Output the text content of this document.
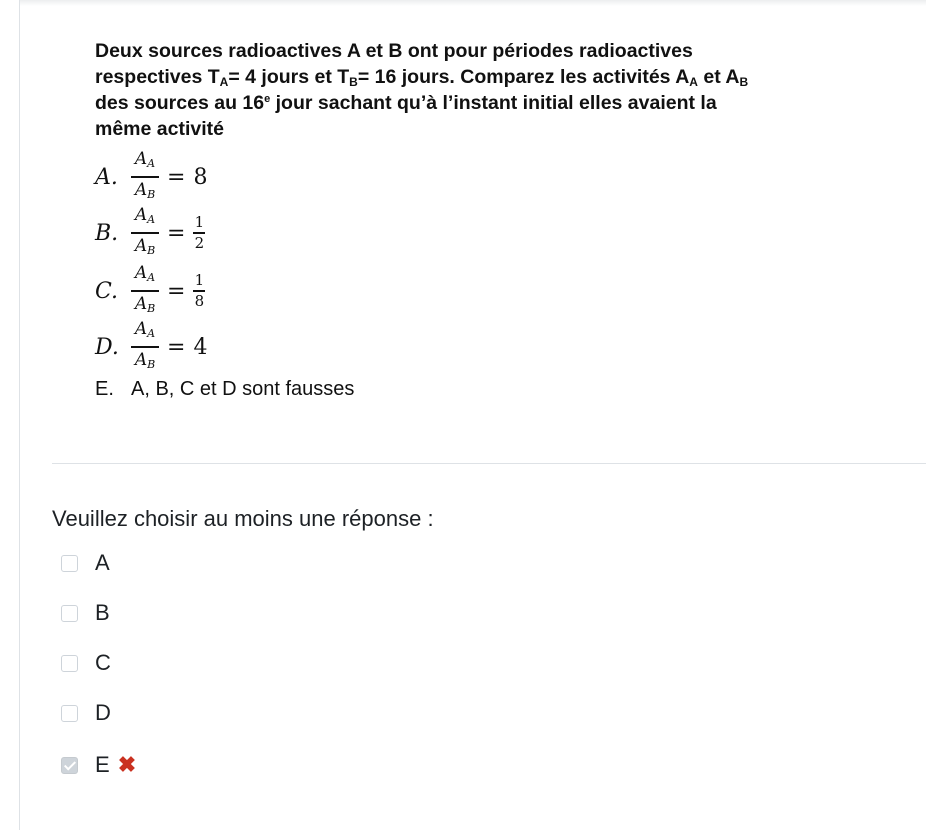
Deux sources radioactives A et B ont pour périodes radioactives
respectives $T_A= 4$ jours et $T_B= 16$ jours. Comparez les activités $A_A$ et $A_B$
des sources au 16e jour sachant qu’à l’instant initial elles avaient la
même activité

A. $\frac{A_A}{A_B} = 8$
B. $\frac{A_A}{A_B} = 1$
2
C. $\frac{A_A}{A_B} = 1$
8
D. $\frac{A_A}{A_B} = 4$
E. A, B, C et D sont fausses
Veuillez choisir au moins une réponse :
A
B
C
D
E ✖
